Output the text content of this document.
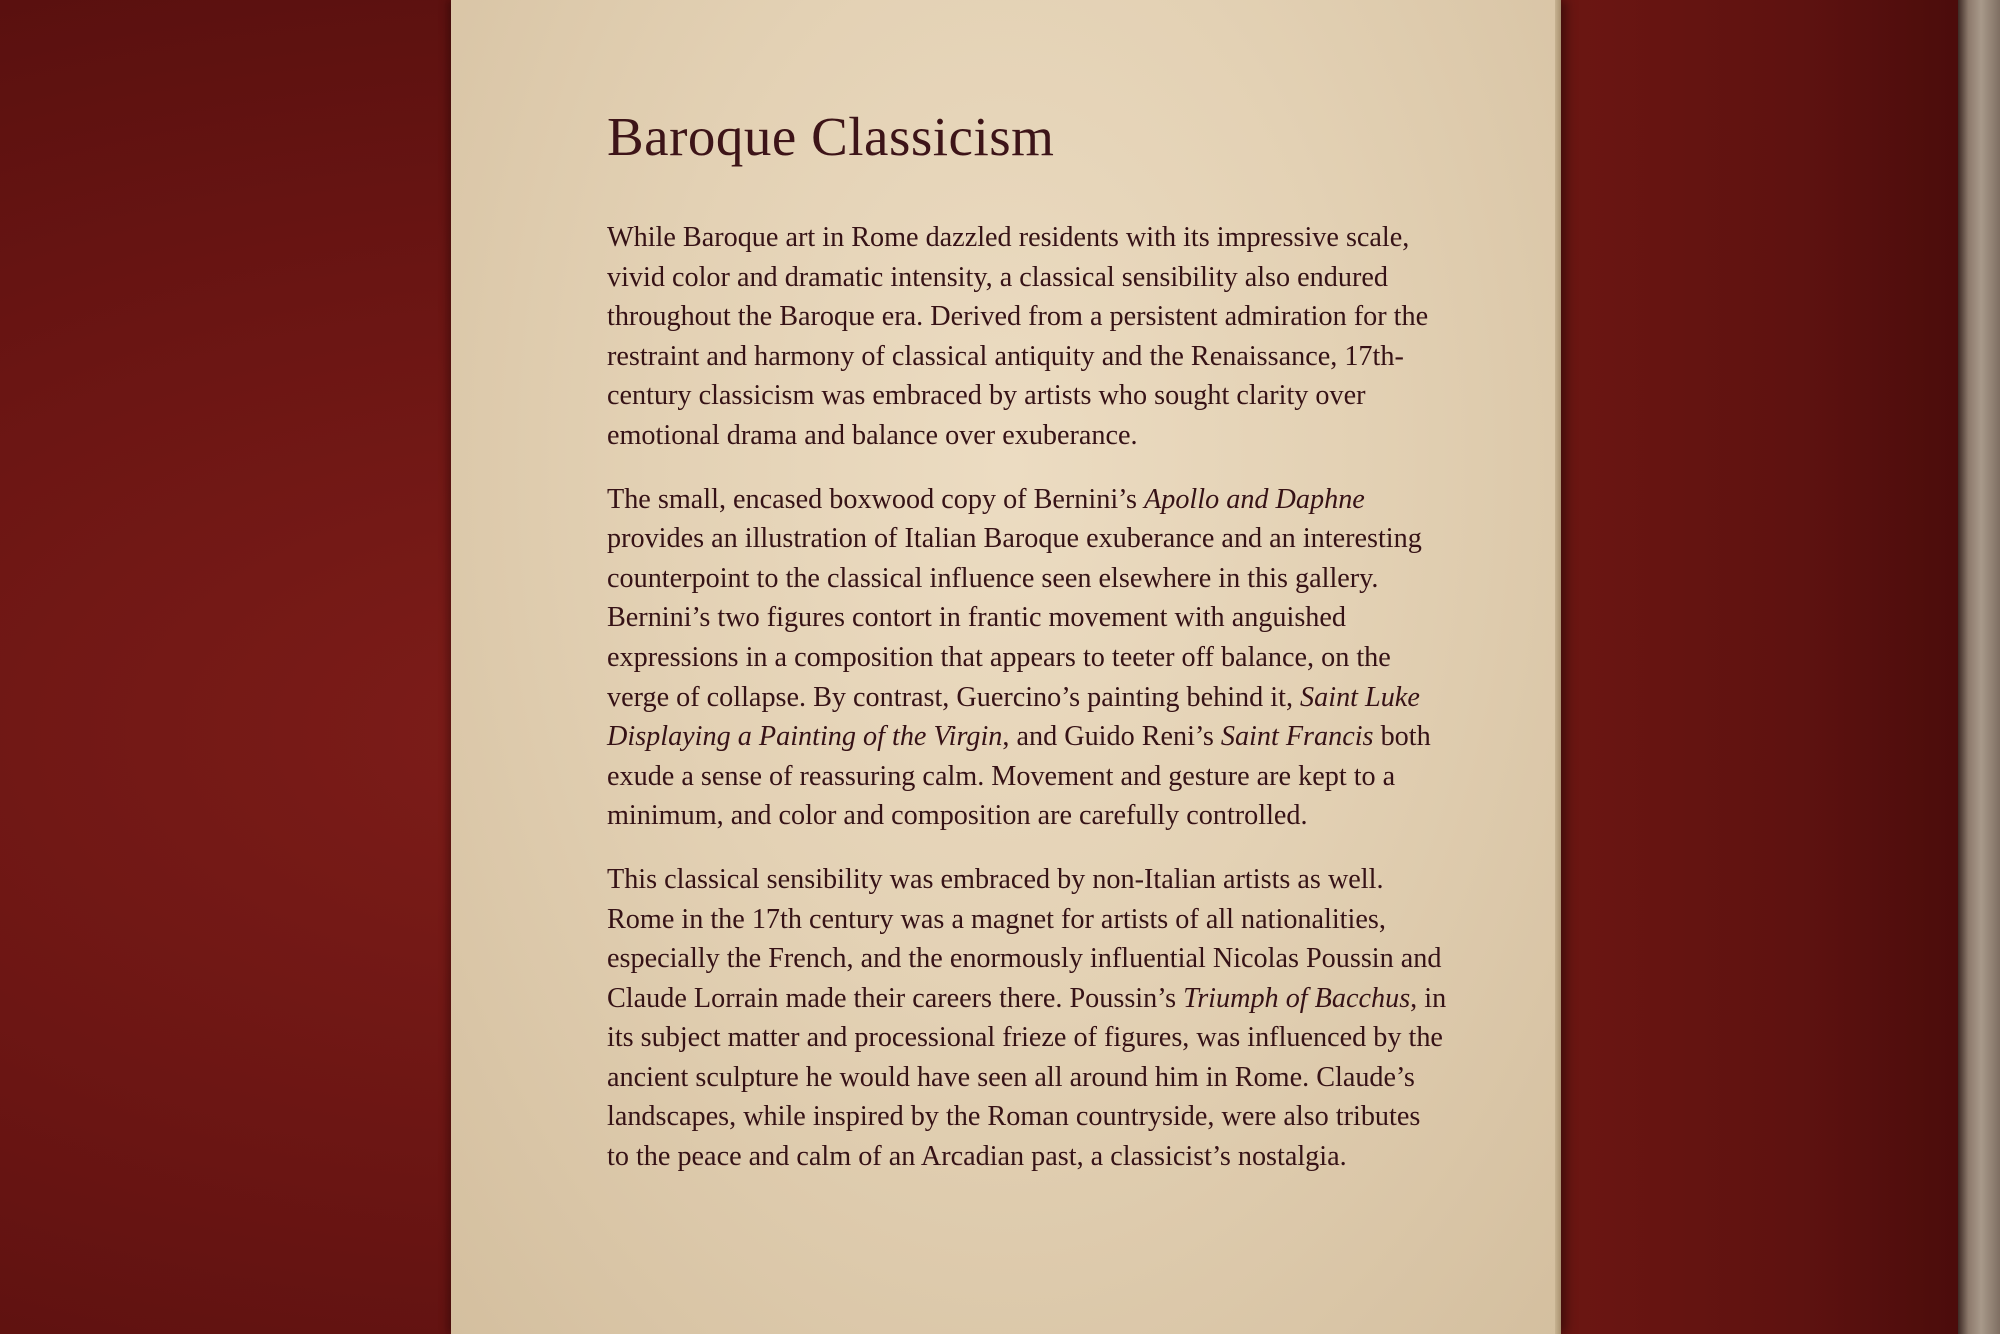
Baroque Classicism

While Baroque art in Rome dazzled residents with its impressive scale, vivid color and dramatic intensity, a classical sensibility also endured throughout the Baroque era. Derived from a persistent admiration for the restraint and harmony of classical antiquity and the Renaissance, 17th-century classicism was embraced by artists who sought clarity over emotional drama and balance over exuberance.

The small, encased boxwood copy of Bernini’s Apollo and Daphne provides an illustration of Italian Baroque exuberance and an interesting counterpoint to the classical influence seen elsewhere in this gallery. Bernini’s two figures contort in frantic movement with anguished expressions in a composition that appears to teeter off balance, on the verge of collapse. By contrast, Guercino’s painting behind it, Saint Luke Displaying a Painting of the Virgin, and Guido Reni’s Saint Francis both exude a sense of reassuring calm. Movement and gesture are kept to a minimum, and color and composition are carefully controlled.

This classical sensibility was embraced by non-Italian artists as well. Rome in the 17th century was a magnet for artists of all nationalities, especially the French, and the enormously influential Nicolas Poussin and Claude Lorrain made their careers there. Poussin’s Triumph of Bacchus, in its subject matter and processional frieze of figures, was influenced by the ancient sculpture he would have seen all around him in Rome. Claude’s landscapes, while inspired by the Roman countryside, were also tributes to the peace and calm of an Arcadian past, a classicist’s nostalgia.
